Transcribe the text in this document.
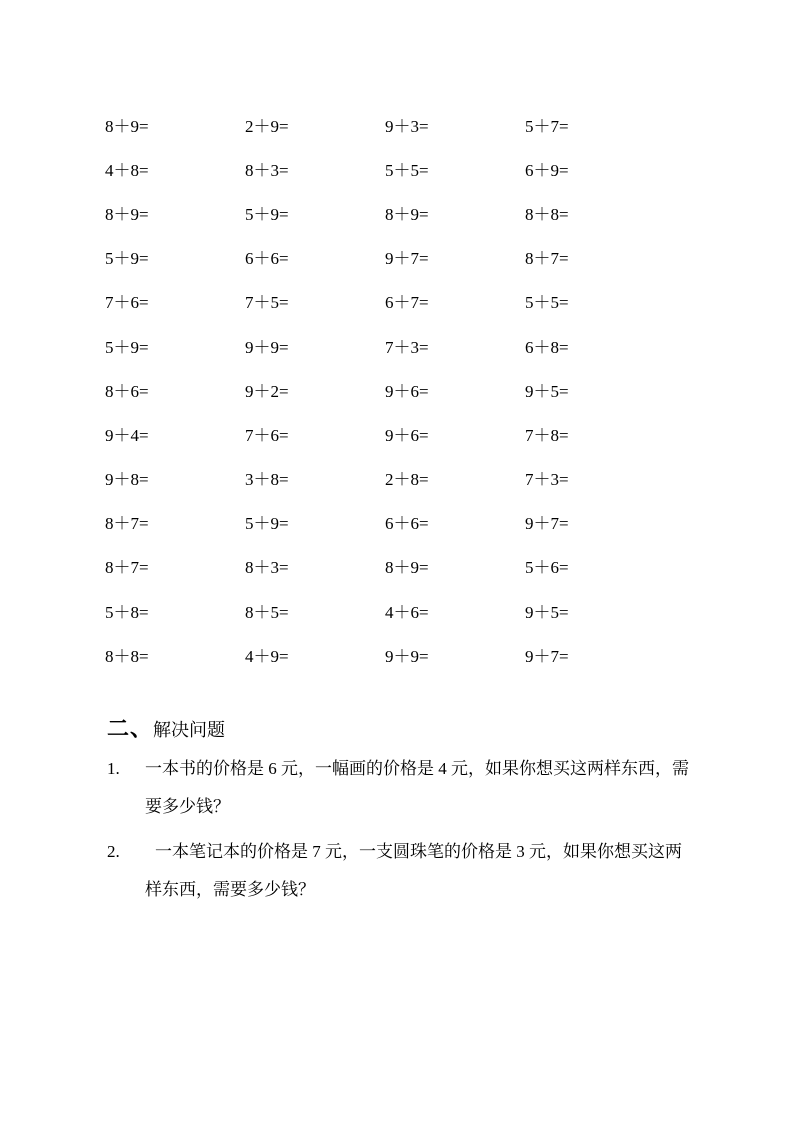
8＋9=	2＋9=	9＋3=	5＋7=
4＋8=	8＋3=	5＋5=	6＋9=
8＋9=	5＋9=	8＋9=	8＋8=
5＋9=	6＋6=	9＋7=	8＋7=
7＋6=	7＋5=	6＋7=	5＋5=
5＋9=	9＋9=	7＋3=	6＋8=
8＋6=	9＋2=	9＋6=	9＋5=
9＋4=	7＋6=	9＋6=	7＋8=
9＋8=	3＋8=	2＋8=	7＋3=
8＋7=	5＋9=	6＋6=	9＋7=
8＋7=	8＋3=	8＋9=	5＋6=
5＋8=	8＋5=	4＋6=	9＋5=
8＋8=	4＋9=	9＋9=	9＋7=
二、解决问题
1. 一本书的价格是 6 元，一幅画的价格是 4 元，如果你想买这两样东西，需要多少钱？
2.	一本笔记本的价格是 7 元，一支圆珠笔的价格是 3 元，如果你想买这两样东西，需要多少钱？
